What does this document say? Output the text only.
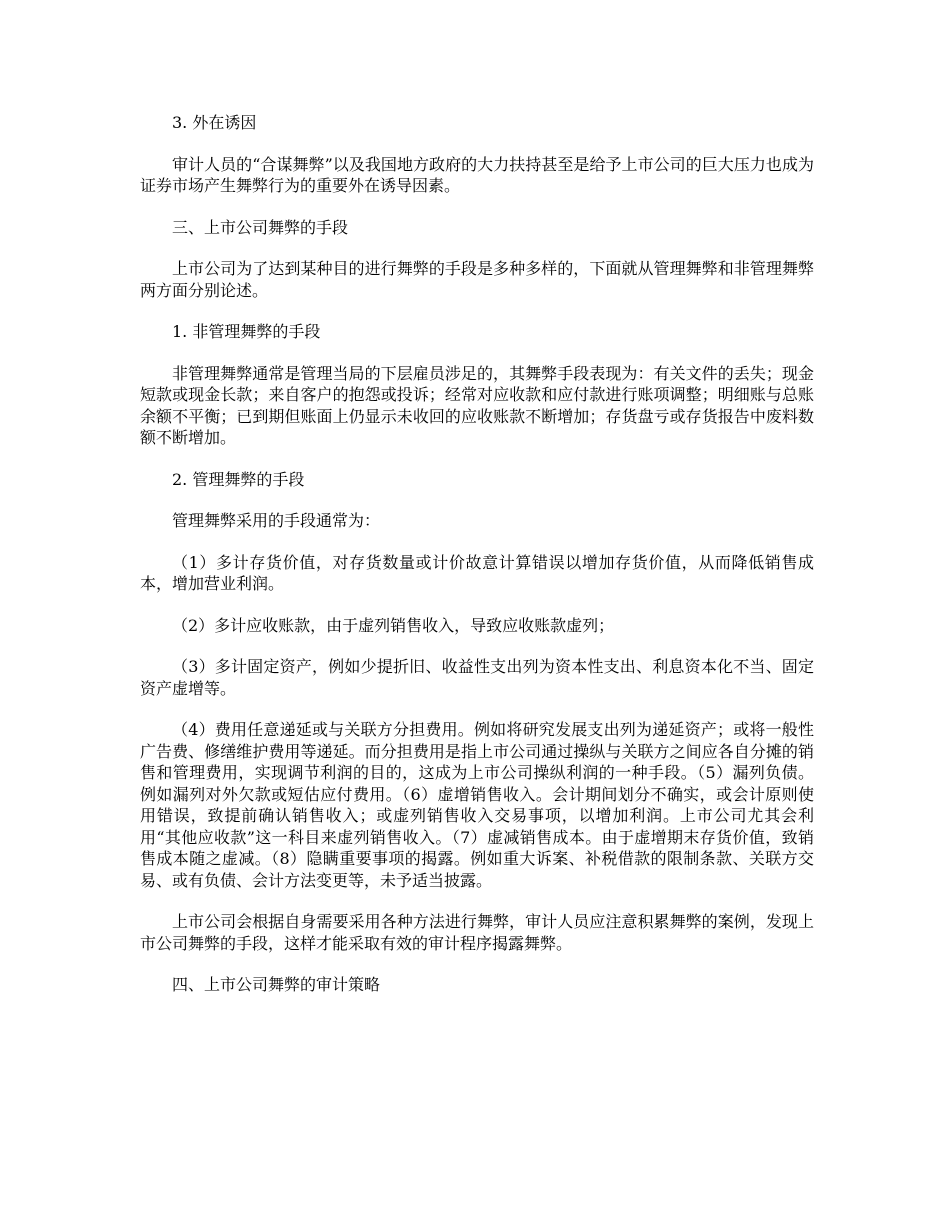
3. 外在诱因

审计人员的“合谋舞弊”以及我国地方政府的大力扶持甚至是给予上市公司的巨大压力也成为证券市场产生舞弊行为的重要外在诱导因素。

三、上市公司舞弊的手段

上市公司为了达到某种目的进行舞弊的手段是多种多样的，下面就从管理舞弊和非管理舞弊两方面分别论述。

1. 非管理舞弊的手段

非管理舞弊通常是管理当局的下层雇员涉足的，其舞弊手段表现为：有关文件的丢失；现金短款或现金长款；来自客户的抱怨或投诉；经常对应收款和应付款进行账项调整；明细账与总账余额不平衡；已到期但账面上仍显示未收回的应收账款不断增加；存货盘亏或存货报告中废料数额不断增加。

2. 管理舞弊的手段

管理舞弊采用的手段通常为：

（1）多计存货价值，对存货数量或计价故意计算错误以增加存货价值，从而降低销售成本，增加营业利润。

（2）多计应收账款，由于虚列销售收入，导致应收账款虚列；

（3）多计固定资产，例如少提折旧、收益性支出列为资本性支出、利息资本化不当、固定资产虚增等。

（4）费用任意递延或与关联方分担费用。例如将研究发展支出列为递延资产；或将一般性广告费、修缮维护费用等递延。而分担费用是指上市公司通过操纵与关联方之间应各自分摊的销售和管理费用，实现调节利润的目的，这成为上市公司操纵利润的一种手段。（5）漏列负债。例如漏列对外欠款或短估应付费用。（6）虚增销售收入。会计期间划分不确实，或会计原则使用错误，致提前确认销售收入；或虚列销售收入交易事项，以增加利润。上市公司尤其会利用“其他应收款”这一科目来虚列销售收入。（7）虚减销售成本。由于虚增期末存货价值，致销售成本随之虚减。（8）隐瞒重要事项的揭露。例如重大诉案、补税借款的限制条款、关联方交易、或有负债、会计方法变更等，未予适当披露。

上市公司会根据自身需要采用各种方法进行舞弊，审计人员应注意积累舞弊的案例，发现上市公司舞弊的手段，这样才能采取有效的审计程序揭露舞弊。

四、上市公司舞弊的审计策略
